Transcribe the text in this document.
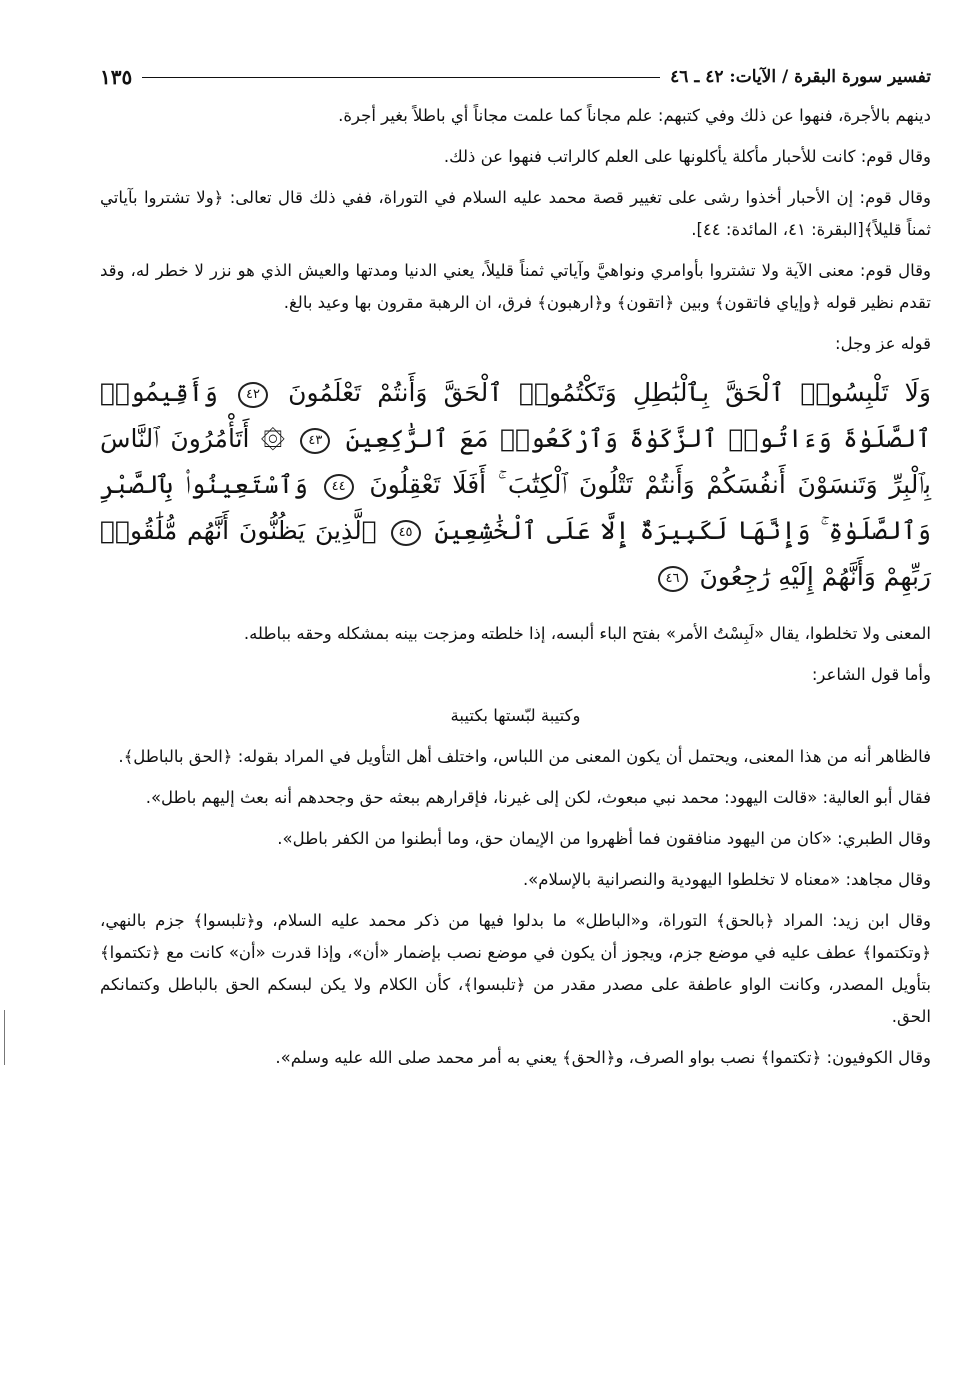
تفسير سورة البقرة / الآيات: ٤٢ ـ ٤٦
١٣٥

دينهم بالأجرة، فنهوا عن ذلك وفي كتبهم: علم مجاناً كما علمت مجاناً أي باطلاً بغير أجرة.

وقال قوم: كانت للأحبار مأكلة يأكلونها على العلم كالراتب فنهوا عن ذلك.

وقال قوم: إن الأحبار أخذوا رشى على تغيير قصة محمد عليه السلام في التوراة، ففي ذلك قال تعالى: ﴿ولا تشتروا بآياتي ثمناً قليلاً﴾[البقرة: ٤١، المائدة: ٤٤].

وقال قوم: معنى الآية ولا تشتروا بأوامري ونواهيَّ وآياتي ثمناً قليلاً، يعني الدنيا ومدتها والعيش الذي هو نزر لا خطر له، وقد تقدم نظير قوله ﴿وإياي فاتقون﴾ وبين ﴿اتقون﴾ و﴿ارهبون﴾ فرق، ان الرهبة مقرون بها وعيد بالغ.

قوله عز وجل:

وَلَا تَلْبِسُوا۟ ٱلْحَقَّ بِٱلْبَٰطِلِ وَتَكْتُمُوا۟ ٱلْحَقَّ وَأَنتُمْ تَعْلَمُونَ ٤٢ وَأَقِيمُوا۟ ٱلصَّلَوٰةَ وَءَاتُوا۟ ٱلزَّكَوٰةَ وَٱرْكَعُوا۟ مَعَ ٱلرَّٰكِعِينَ ٤٣ ۞ أَتَأْمُرُونَ ٱلنَّاسَ بِٱلْبِرِّ وَتَنسَوْنَ أَنفُسَكُمْ وَأَنتُمْ تَتْلُونَ ٱلْكِتَٰبَ ۚ أَفَلَا تَعْقِلُونَ ٤٤ وَٱسْتَعِينُوا۟ بِٱلصَّبْرِ وَٱلصَّلَوٰةِ ۚ وَإِنَّهَا لَكَبِيرَةٌ إِلَّا عَلَى ٱلْخَٰشِعِينَ ٤٥ ٱلَّذِينَ يَظُنُّونَ أَنَّهُم مُّلَٰقُوا۟ رَبِّهِمْ وَأَنَّهُمْ إِلَيْهِ رَٰجِعُونَ ٤٦

المعنى ولا تخلطوا، يقال «لَبِسْتُ الأمر» بفتح الباء ألبسه، إذا خلطته ومزجت بينه بمشكله وحقه بباطله.

وأما قول الشاعر:

وكتيبة لبّستها بكتيبة

فالظاهر أنه من هذا المعنى، ويحتمل أن يكون المعنى من اللباس، واختلف أهل التأويل في المراد بقوله: ﴿الحق بالباطل﴾.

فقال أبو العالية: «قالت اليهود: محمد نبي مبعوث، لكن إلى غيرنا، فإقرارهم ببعثه حق وجحدهم أنه بعث إليهم باطل».

وقال الطبري: «كان من اليهود منافقون فما أظهروا من الإيمان حق، وما أبطنوا من الكفر باطل».

وقال مجاهد: «معناه لا تخلطوا اليهودية والنصرانية بالإسلام».

وقال ابن زيد: المراد ﴿بالحق﴾ التوراة، و«الباطل» ما بدلوا فيها من ذكر محمد عليه السلام، و﴿تلبسوا﴾ جزم بالنهي، ﴿وتكتموا﴾ عطف عليه في موضع جزم، ويجوز أن يكون في موضع نصب بإضمار «أن»، وإذا قدرت «أن» كانت مع ﴿تكتموا﴾ بتأويل المصدر، وكانت الواو عاطفة على مصدر مقدر من ﴿تلبسوا﴾، كأن الكلام ولا يكن لبسكم الحق بالباطل وكتمانكم الحق.

وقال الكوفيون: ﴿تكتموا﴾ نصب بواو الصرف، و﴿الحق﴾ يعني به أمر محمد صلى الله عليه وسلم».
